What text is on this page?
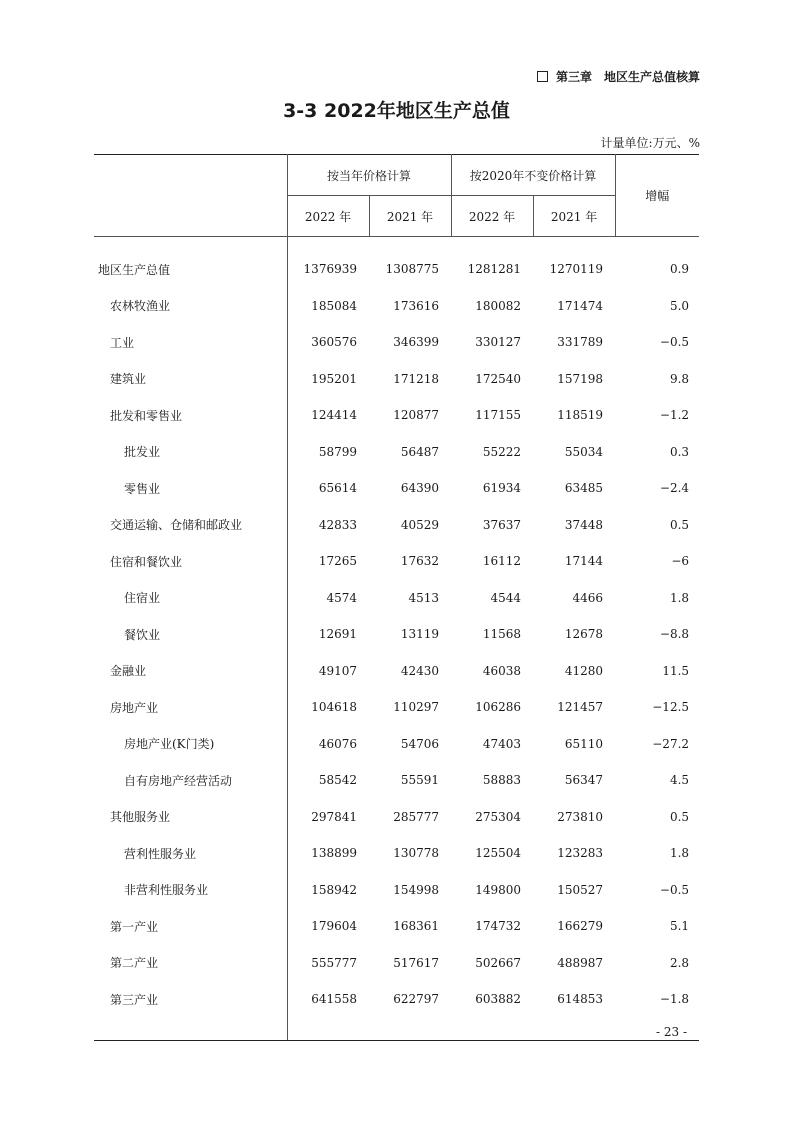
第三章　地区生产总值核算
3-3 2022年地区生产总值
计量单位:万元、%
	按当年价格计算		按2020年不变价格计算		增幅
	2022 年	2021 年	2022 年	2021 年	
地区生产总值	1376939	1308775	1281281	1270119	0.9
农林牧渔业	185084	173616	180082	171474	5.0
工业	360576	346399	330127	331789	−0.5
建筑业	195201	171218	172540	157198	9.8
批发和零售业	124414	120877	117155	118519	−1.2
批发业	58799	56487	55222	55034	0.3
零售业	65614	64390	61934	63485	−2.4
交通运输、仓储和邮政业	42833	40529	37637	37448	0.5
住宿和餐饮业	17265	17632	16112	17144	−6
住宿业	4574	4513	4544	4466	1.8
餐饮业	12691	13119	11568	12678	−8.8
金融业	49107	42430	46038	41280	11.5
房地产业	104618	110297	106286	121457	−12.5
房地产业(K门类)	46076	54706	47403	65110	−27.2
自有房地产经营活动	58542	55591	58883	56347	4.5
其他服务业	297841	285777	275304	273810	0.5
营利性服务业	138899	130778	125504	123283	1.8
非营利性服务业	158942	154998	149800	150527	−0.5
第一产业	179604	168361	174732	166279	5.1
第二产业	555777	517617	502667	488987	2.8
第三产业	641558	622797	603882	614853	−1.8

- 23 -
